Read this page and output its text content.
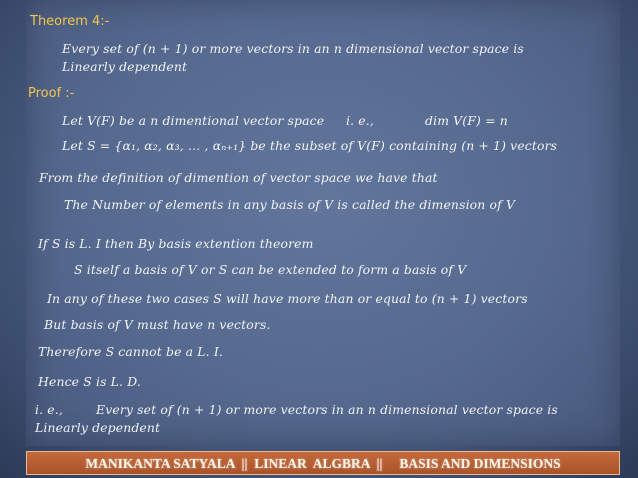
Theorem 4:-
Every set of (n + 1) or more vectors in an n dimensional vector space is
Linearly dependent
Proof :-
Let V(F) be a n dimentional vector space i. e.,	dim V(F) = n
Let S = {α₁, α₂, α₃, … , αₙ₊₁} be the subset of V(F) containing (n + 1) vectors
From the definition of dimention of vector space we have that
The Number of elements in any basis of V is called the dimension of V
If S is L. I then By basis extention theorem
S itself a basis of V or S can be extended to form a basis of V
In any of these two cases S will have more than or equal to (n + 1) vectors
But basis of V must have n vectors.
Therefore S cannot be a L. I.
Hence S is L. D.
i. e.,	Every set of (n + 1) or more vectors in an n dimensional vector space is
Linearly dependent
MANIKANTA SATYALA  ||  LINEAR  ALGBRA  ||     BASIS AND DIMENSIONS
